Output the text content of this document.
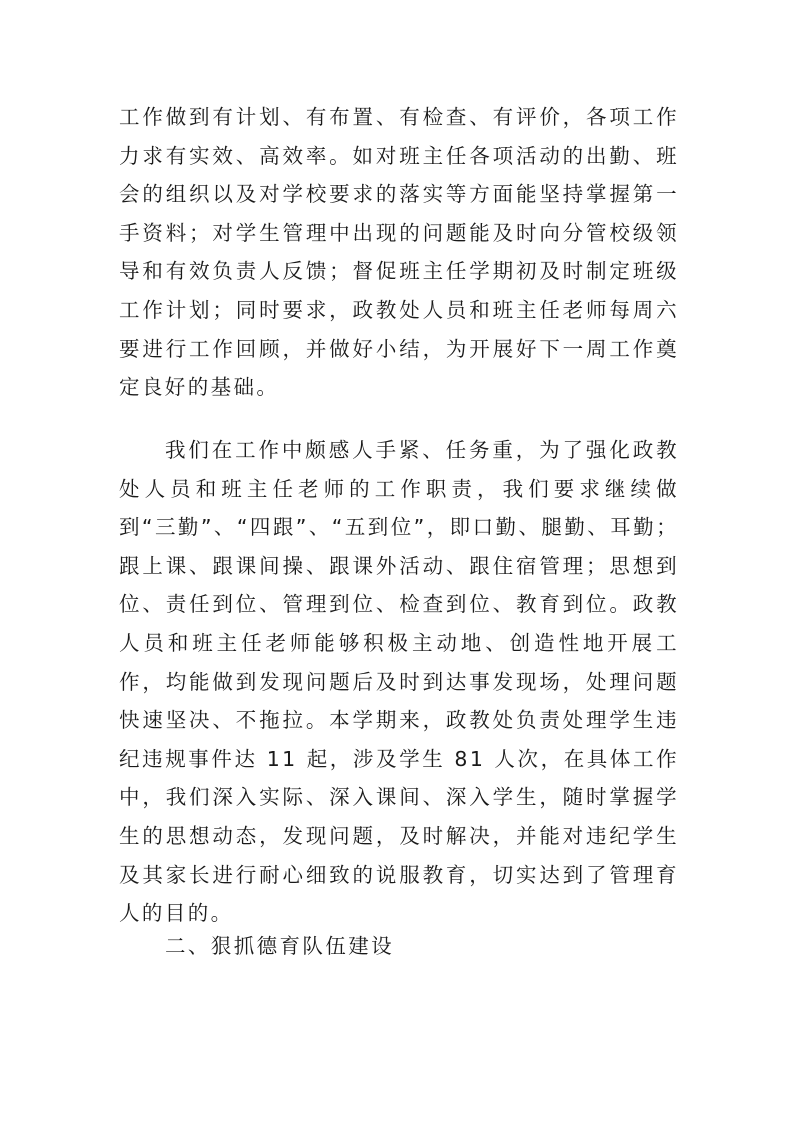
工作做到有计划、有布置、有检查、有评价，各项工作力求有实效、高效率。如对班主任各项活动的出勤、班会的组织以及对学校要求的落实等方面能坚持掌握第一手资料；对学生管理中出现的问题能及时向分管校级领导和有效负责人反馈；督促班主任学期初及时制定班级工作计划；同时要求，政教处人员和班主任老师每周六要进行工作回顾，并做好小结，为开展好下一周工作奠定良好的基础。

我们在工作中颇感人手紧、任务重，为了强化政教处人员和班主任老师的工作职责，我们要求继续做到“三勤”、“四跟”、“五到位”，即口勤、腿勤、耳勤；跟上课、跟课间操、跟课外活动、跟住宿管理；思想到位、责任到位、管理到位、检查到位、教育到位。政教人员和班主任老师能够积极主动地、创造性地开展工作，均能做到发现问题后及时到达事发现场，处理问题快速坚决、不拖拉。本学期来，政教处负责处理学生违纪违规事件达 11 起，涉及学生 81 人次，在具体工作中，我们深入实际、深入课间、深入学生，随时掌握学生的思想动态，发现问题，及时解决，并能对违纪学生及其家长进行耐心细致的说服教育，切实达到了管理育人的目的。

二、狠抓德育队伍建设
